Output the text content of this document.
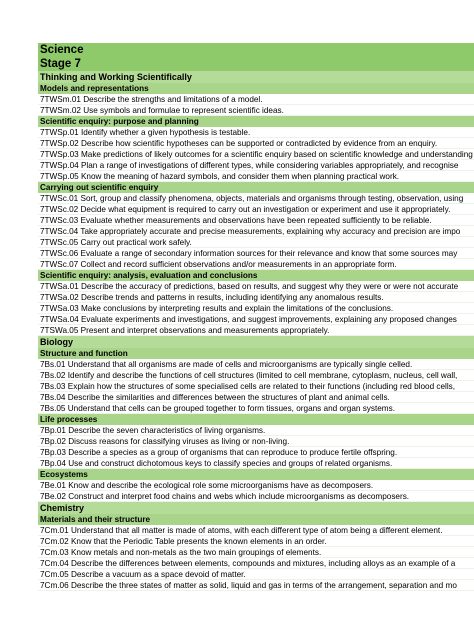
Science
Stage 7
Thinking and Working Scientifically
Models and representations
7TWSm.01 Describe the strengths and limitations of a model.
7TWSm.02 Use symbols and formulae to represent scientific ideas.
Scientific enquiry: purpose and planning
7TWSp.01 Identify whether a given hypothesis is testable.
7TWSp.02 Describe how scientific hypotheses can be supported or contradicted by evidence from an enquiry.
7TWSp.03 Make predictions of likely outcomes for a scientific enquiry based on scientific knowledge and understanding
7TWSp.04 Plan a range of investigations of different types, while considering variables appropriately, and recognise
7TWSp.05 Know the meaning of hazard symbols, and consider them when planning practical work.
Carrying out scientific enquiry
7TWSc.01 Sort, group and classify phenomena, objects, materials and organisms through testing, observation, using
7TWSc.02 Decide what equipment is required to carry out an investigation or experiment and use it appropriately.
7TWSc.03 Evaluate whether measurements and observations have been repeated sufficiently to be reliable.
7TWSc.04 Take appropriately accurate and precise measurements, explaining why accuracy and precision are impo
7TWSc.05 Carry out practical work safely.
7TWSc.06 Evaluate a range of secondary information sources for their relevance and know that some sources may
7TWSc.07 Collect and record sufficient observations and/or measurements in an appropriate form.
Scientific enquiry: analysis, evaluation and conclusions
7TWSa.01 Describe the accuracy of predictions, based on results, and suggest why they were or were not accurate
7TWSa.02 Describe trends and patterns in results, including identifying any anomalous results.
7TWSa.03 Make conclusions by interpreting results and explain the limitations of the conclusions.
7TWSa.04 Evaluate experiments and investigations, and suggest improvements, explaining any proposed changes
7TSWa.05 Present and interpret observations and measurements appropriately.
Biology
Structure and function
7Bs.01 Understand that all organisms are made of cells and microorganisms are typically single celled.
7Bs.02 Identify and describe the functions of cell structures (limited to cell membrane, cytoplasm, nucleus, cell wall,
7Bs.03 Explain how the structures of some specialised cells are related to their functions (including red blood cells,
7Bs.04 Describe the similarities and differences between the structures of plant and animal cells.
7Bs.05 Understand that cells can be grouped together to form tissues, organs and organ systems.
Life processes
7Bp.01 Describe the seven characteristics of living organisms.
7Bp.02 Discuss reasons for classifying viruses as living or non-living.
7Bp.03 Describe a species as a group of organisms that can reproduce to produce fertile offspring.
7Bp.04 Use and construct dichotomous keys to classify species and groups of related organisms.
Ecosystems
7Be.01 Know and describe the ecological role some microorganisms have as decomposers.
7Be.02 Construct and interpret food chains and webs which include microorganisms as decomposers.
Chemistry
Materials and their structure
7Cm.01 Understand that all matter is made of atoms, with each different type of atom being a different element.
7Cm.02 Know that the Periodic Table presents the known elements in an order.
7Cm.03 Know metals and non-metals as the two main groupings of elements.
7Cm.04 Describe the differences between elements, compounds and mixtures, including alloys as an example of a
7Cm.05 Describe a vacuum as a space devoid of matter.
7Cm.06 Describe the three states of matter as solid, liquid and gas in terms of the arrangement, separation and mo
